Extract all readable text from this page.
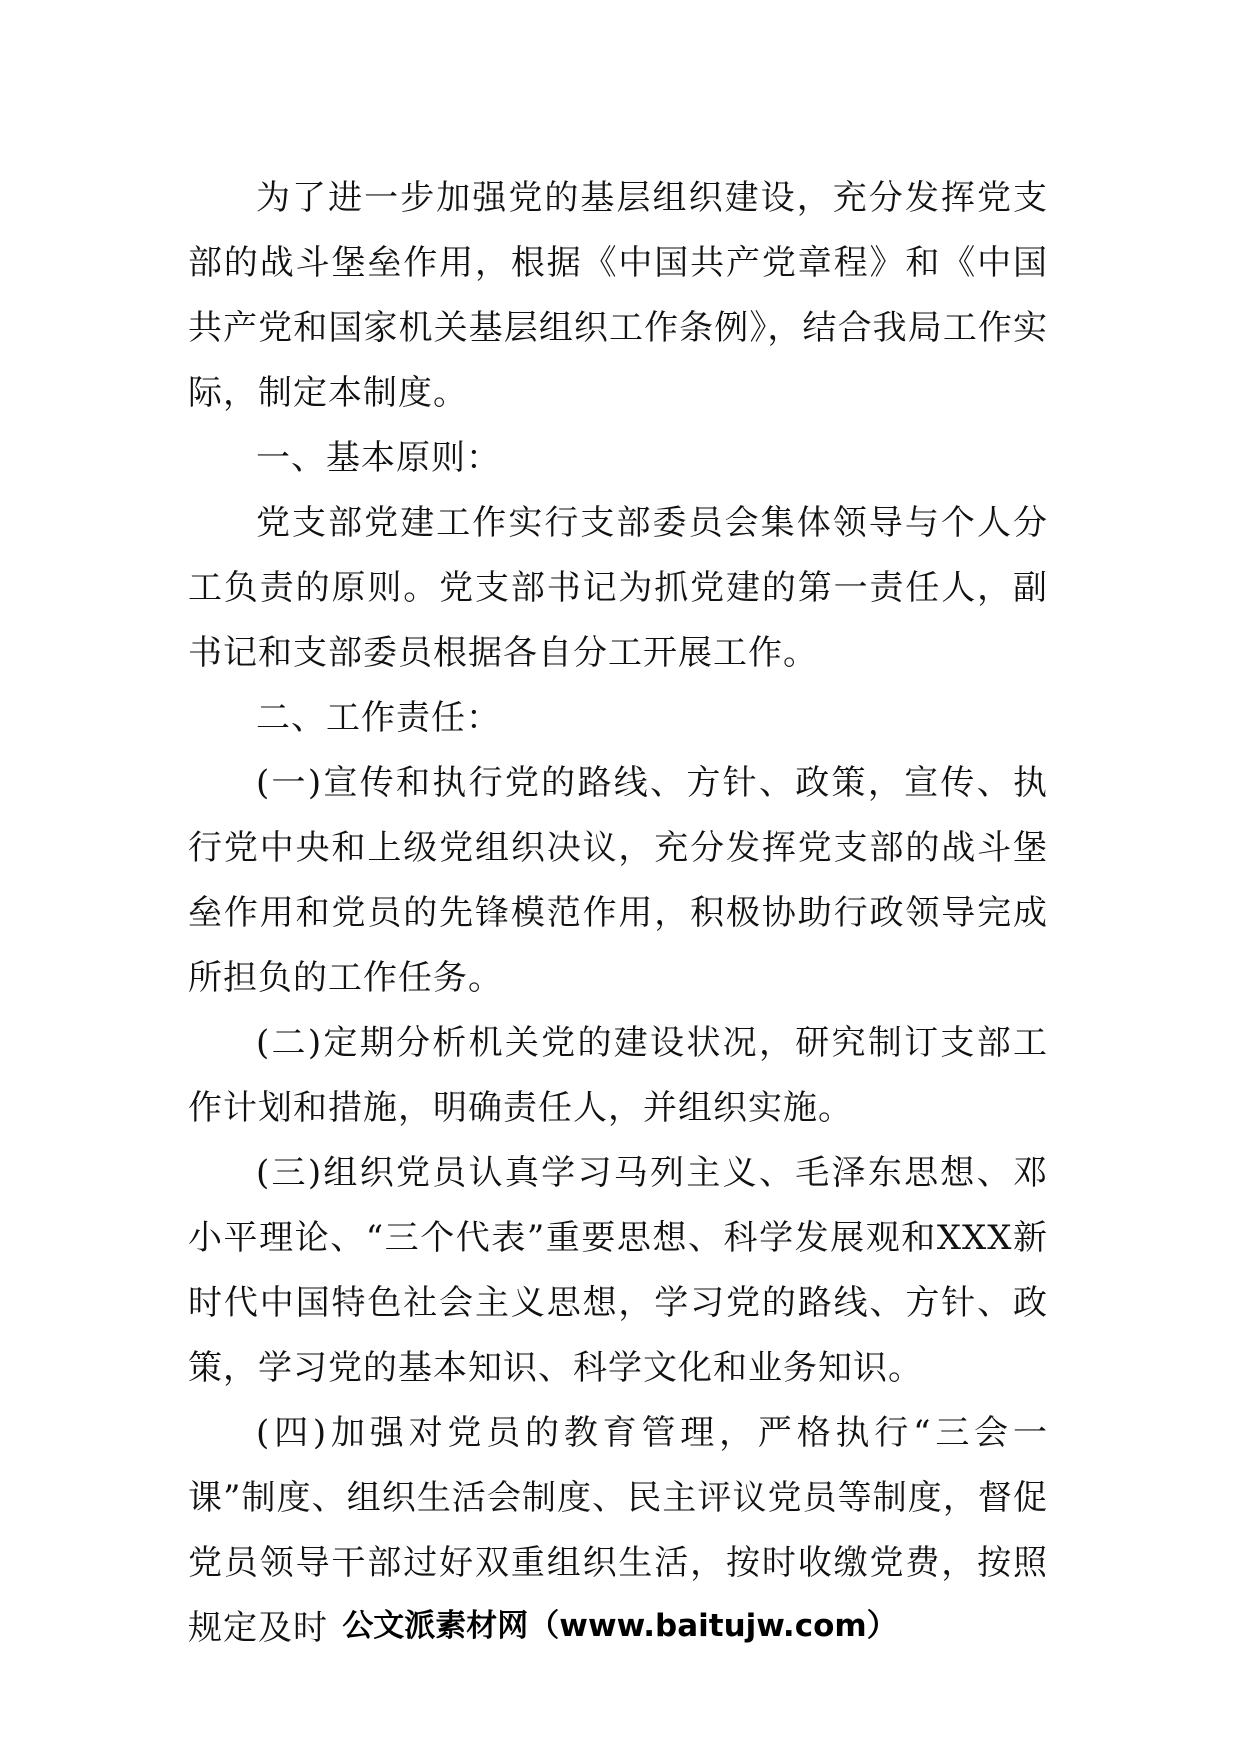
为了进一步加强党的基层组织建设，充分发挥党支部的战斗堡垒作用，根据《中国共产党章程》和《中国共产党和国家机关基层组织工作条例》，结合我局工作实际，制定本制度。

一、基本原则：

党支部党建工作实行支部委员会集体领导与个人分工负责的原则。党支部书记为抓党建的第一责任人，副书记和支部委员根据各自分工开展工作。

二、工作责任：

(一)宣传和执行党的路线、方针、政策，宣传、执行党中央和上级党组织决议，充分发挥党支部的战斗堡垒作用和党员的先锋模范作用，积极协助行政领导完成所担负的工作任务。

(二)定期分析机关党的建设状况，研究制订支部工作计划和措施，明确责任人，并组织实施。

(三)组织党员认真学习马列主义、毛泽东思想、邓小平理论、“三个代表”重要思想、科学发展观和XXX新时代中国特色社会主义思想，学习党的路线、方针、政策，学习党的基本知识、科学文化和业务知识。

(四)加强对党员的教育管理，严格执行“三会一课”制度、组织生活会制度、民主评议党员等制度，督促党员领导干部过好双重组织生活，按时收缴党费，按照规定及时 公文派素材网（www.baitujw.com）
